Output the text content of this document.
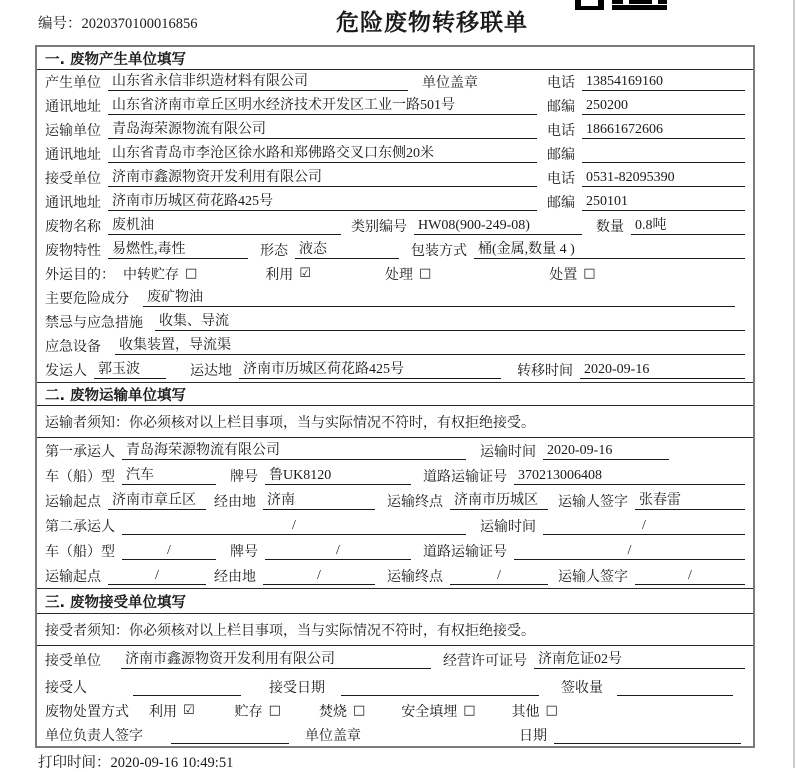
编号：2020370100016856	危险废物转移联单
一. 废物产生单位填写
产生单位 山东省永信非织造材料有限公司	单位盖章	电话 13854169160
通讯地址 山东省济南市章丘区明水经济技术开发区工业一路501号	邮编 250200
运输单位 青岛海荣源物流有限公司	电话 18661672606
通讯地址 山东省青岛市李沧区徐水路和郑佛路交叉口东侧20米	邮编
接受单位 济南市鑫源物资开发利用有限公司	电话 0531-82095390
通讯地址 济南市历城区荷花路425号	邮编 250101
废物名称 废机油	类别编号 HW08(900-249-08)	数量 0.8吨
废物特性 易燃性,毒性	形态 液态	包装方式 桶(金属,数量 4 )
外运目的： 中转贮存 □	利用 ☑	处理 □	处置 □
主要危险成分 废矿物油
禁忌与应急措施 收集、导流
应急设备 收集装置，导流渠
发运人 郭玉波	运达地 济南市历城区荷花路425号	转移时间 2020-09-16
二. 废物运输单位填写
运输者须知：你必须核对以上栏目事项，当与实际情况不符时，有权拒绝接受。
第一承运人 青岛海荣源物流有限公司	运输时间 2020-09-16
车（船）型 汽车	牌号 鲁UK8120	道路运输证号 370213006408
运输起点 济南市章丘区	经由地 济南	运输终点 济南市历城区	运输人签字 张春雷
第二承运人	/	运输时间	/
车（船）型	/	牌号	/	道路运输证号	/
运输起点	/	经由地	/	运输终点	/	运输人签字	/
三. 废物接受单位填写
接受者须知：你必须核对以上栏目事项，当与实际情况不符时，有权拒绝接受。
接受单位 济南市鑫源物资开发利用有限公司	经营许可证号 济南危证02号
接受人	接受日期	签收量
废物处置方式 利用 ☑	贮存 □	焚烧 □	安全填埋 □	其他 □
单位负责人签字	单位盖章	日期
打印时间：2020-09-16 10:49:51
